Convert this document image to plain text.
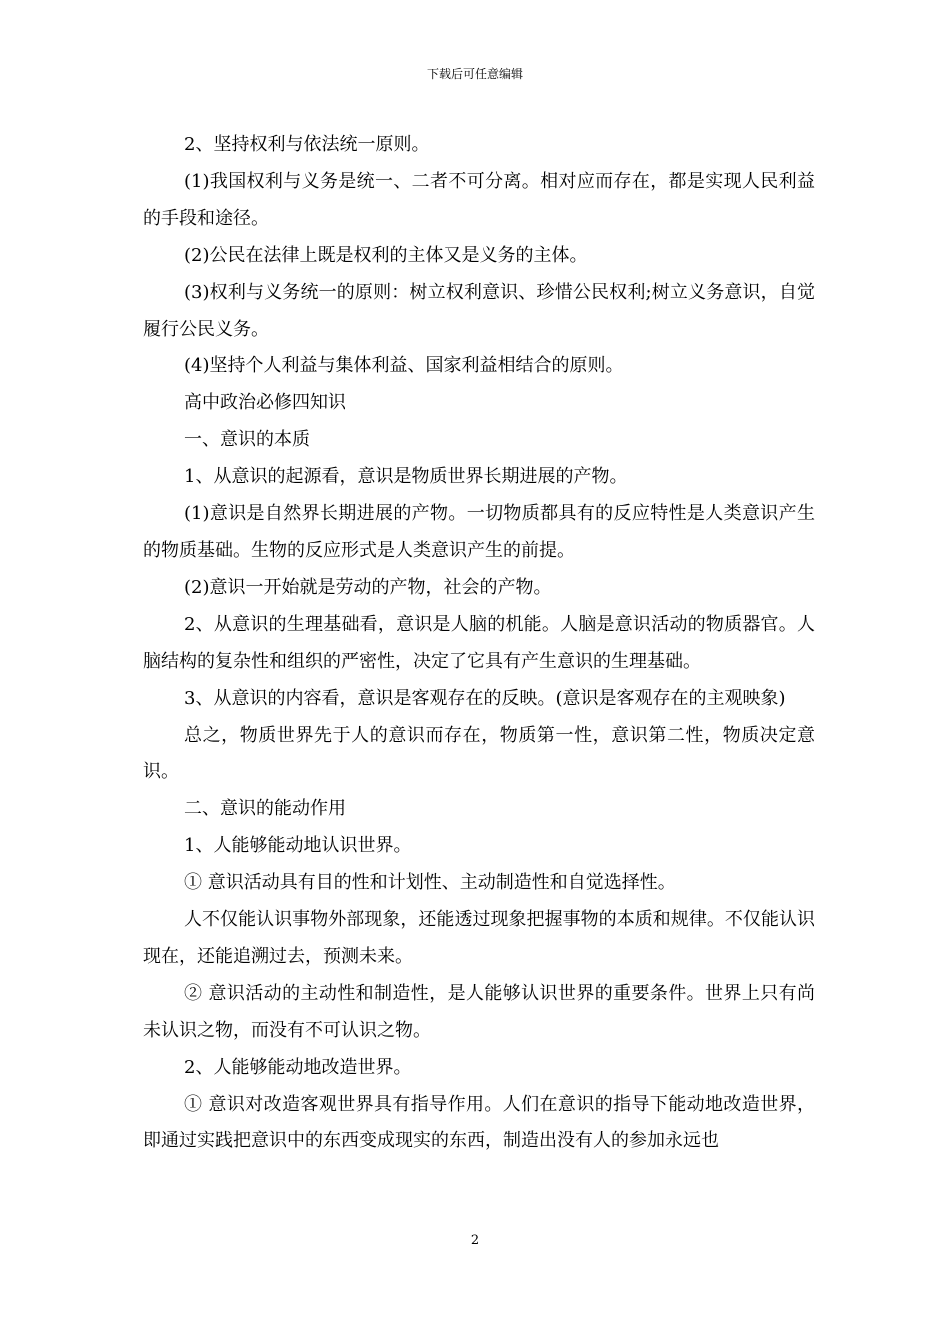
下载后可任意编辑

2、坚持权利与依法统一原则。

(1)我国权利与义务是统一、二者不可分离。相对应而存在，都是实现人民利益的手段和途径。

(2)公民在法律上既是权利的主体又是义务的主体。

(3)权利与义务统一的原则：树立权利意识、珍惜公民权利;树立义务意识，自觉履行公民义务。

(4)坚持个人利益与集体利益、国家利益相结合的原则。

高中政治必修四知识

一、意识的本质

1、从意识的起源看，意识是物质世界长期进展的产物。

(1)意识是自然界长期进展的产物。一切物质都具有的反应特性是人类意识产生的物质基础。生物的反应形式是人类意识产生的前提。

(2)意识一开始就是劳动的产物，社会的产物。

2、从意识的生理基础看，意识是人脑的机能。人脑是意识活动的物质器官。人脑结构的复杂性和组织的严密性，决定了它具有产生意识的生理基础。

3、从意识的内容看，意识是客观存在的反映。(意识是客观存在的主观映象)

总之，物质世界先于人的意识而存在，物质第一性，意识第二性，物质决定意识。

二、意识的能动作用

1、人能够能动地认识世界。

① 意识活动具有目的性和计划性、主动制造性和自觉选择性。

人不仅能认识事物外部现象，还能透过现象把握事物的本质和规律。不仅能认识现在，还能追溯过去，预测未来。

② 意识活动的主动性和制造性，是人能够认识世界的重要条件。世界上只有尚未认识之物，而没有不可认识之物。

2、人能够能动地改造世界。

① 意识对改造客观世界具有指导作用。人们在意识的指导下能动地改造世界，即通过实践把意识中的东西变成现实的东西，制造出没有人的参加永远也

2
